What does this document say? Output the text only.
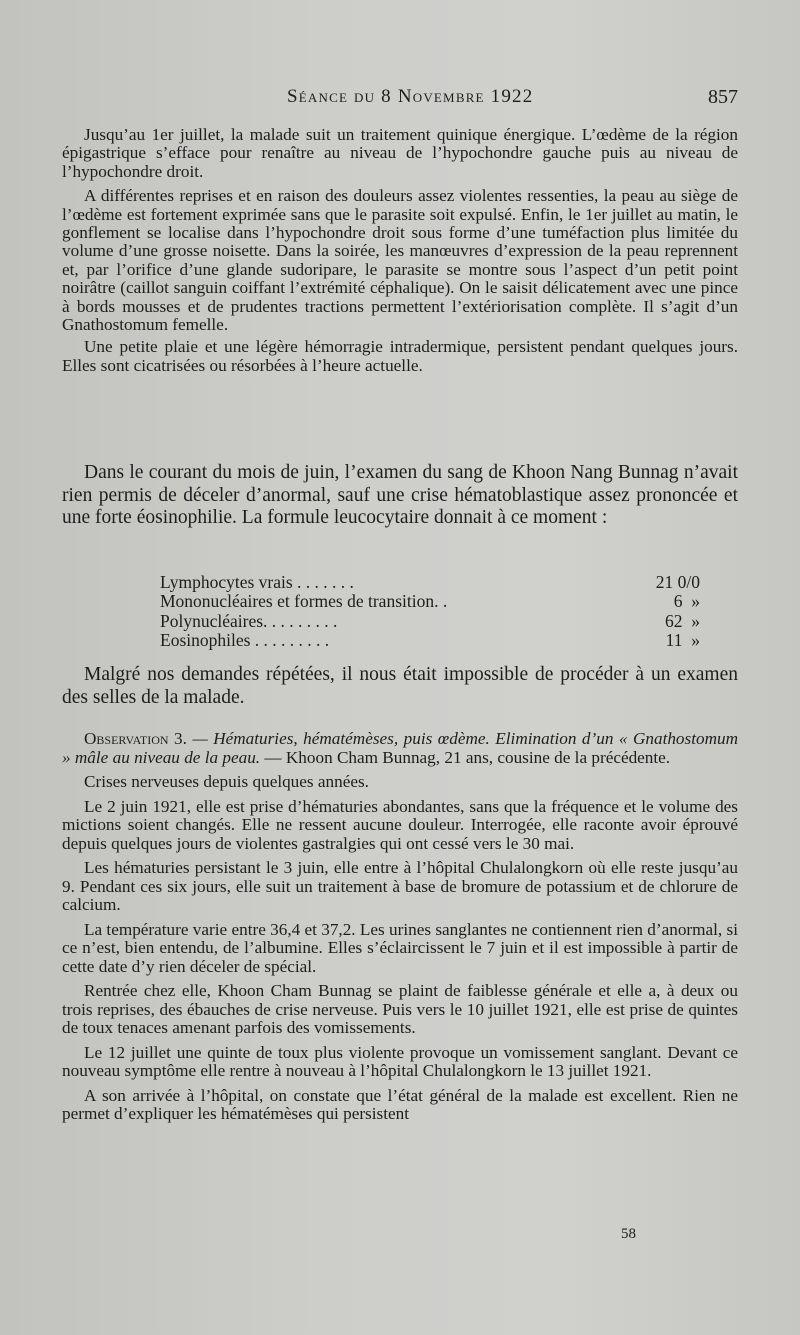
Séance du 8 Novembre 1922	857

Jusqu’au 1er juillet, la malade suit un traitement quinique énergique. L’œdème de la région épigastrique s’efface pour renaître au niveau de l’hypochondre gauche puis au niveau de l’hypochondre droit.

A différentes reprises et en raison des douleurs assez violentes ressenties, la peau au siège de l’œdème est fortement exprimée sans que le parasite soit expulsé. Enfin, le 1er juillet au matin, le gonflement se localise dans l’hypochondre droit sous forme d’une tuméfaction plus limitée du volume d’une grosse noisette. Dans la soirée, les manœuvres d’expression de la peau reprennent et, par l’orifice d’une glande sudoripare, le parasite se montre sous l’aspect d’un petit point noirâtre (caillot sanguin coiffant l’extrémité céphalique). On le saisit délicatement avec une pince à bords mousses et de prudentes tractions permettent l’extériorisation complète. Il s’agit d’un Gnathostomum femelle.

Une petite plaie et une légère hémorragie intradermique, persistent pendant quelques jours. Elles sont cicatrisées ou résorbées à l’heure actuelle.

Dans le courant du mois de juin, l’examen du sang de Khoon Nang Bunnag n’avait rien permis de déceler d’anormal, sauf une crise hématoblastique assez prononcée et une forte éosinophilie. La formule leucocytaire donnait à ce moment :

Lymphocytes vrais . . . . . . .	21 0/0
Mononucléaires et formes de transition. .	6  »
Polynucléaires. . . . . . . . .	62  »
Eosinophiles . . . . . . . . .	11  »

Malgré nos demandes répétées, il nous était impossible de procéder à un examen des selles de la malade.

Observation 3. — Hématuries, hématémèses, puis œdème. Elimination d’un « Gnathostomum » mâle au niveau de la peau. — Khoon Cham Bunnag, 21 ans, cousine de la précédente.

Crises nerveuses depuis quelques années.

Le 2 juin 1921, elle est prise d’hématuries abondantes, sans que la fréquence et le volume des mictions soient changés. Elle ne ressent aucune douleur. Interrogée, elle raconte avoir éprouvé depuis quelques jours de violentes gastralgies qui ont cessé vers le 30 mai.

Les hématuries persistant le 3 juin, elle entre à l’hôpital Chulalongkorn où elle reste jusqu’au 9. Pendant ces six jours, elle suit un traitement à base de bromure de potassium et de chlorure de calcium.

La température varie entre 36,4 et 37,2. Les urines sanglantes ne contiennent rien d’anormal, si ce n’est, bien entendu, de l’albumine. Elles s’éclaircissent le 7 juin et il est impossible à partir de cette date d’y rien déceler de spécial.

Rentrée chez elle, Khoon Cham Bunnag se plaint de faiblesse générale et elle a, à deux ou trois reprises, des ébauches de crise nerveuse. Puis vers le 10 juillet 1921, elle est prise de quintes de toux tenaces amenant parfois des vomissements.

Le 12 juillet une quinte de toux plus violente provoque un vomissement sanglant. Devant ce nouveau symptôme elle rentre à nouveau à l’hôpital Chulalongkorn le 13 juillet 1921.

A son arrivée à l’hôpital, on constate que l’état général de la malade est excellent. Rien ne permet d’expliquer les hématémèses qui persistent

58
